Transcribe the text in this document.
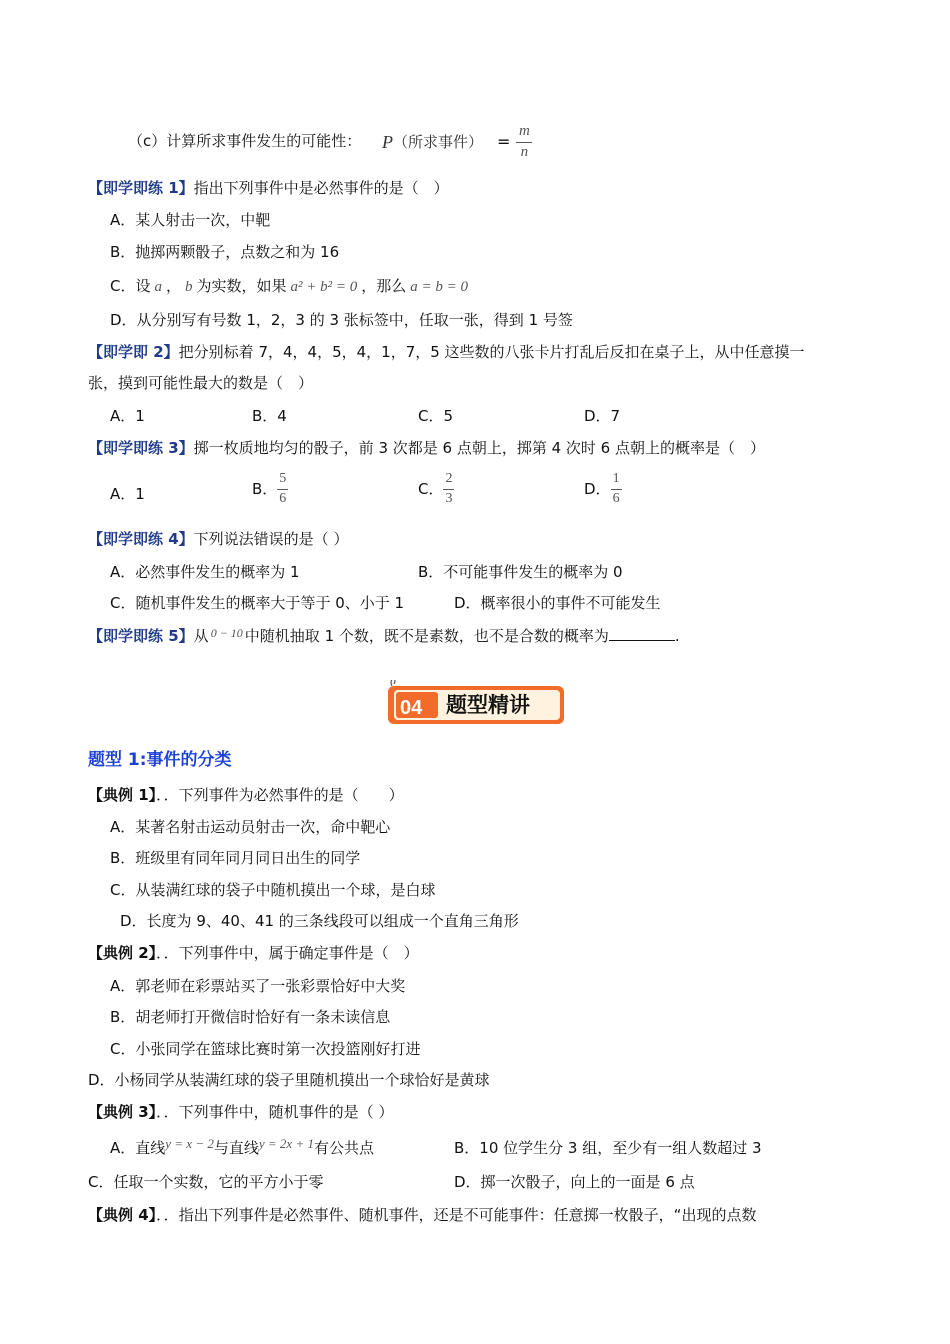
（c）计算所求事件发生的可能性： P （所求事件） = $\frac{m}{n}$
【即学即练 1】指出下列事件中是必然事件的是（　）
A．某人射击一次，中靶
B．抛掷两颗骰子，点数之和为 16
C．设 a ， b 为实数，如果 a² + b² = 0 ，那么 a = b = 0
D．从分别写有号数 1，2，3 的 3 张标签中，任取一张，得到 1 号签
【即学即 2】把分别标着 7，4，4，5，4，1，7，5 这些数的八张卡片打乱后反扣在桌子上，从中任意摸一
张，摸到可能性最大的数是（　）
A．1	B．4	C．5	D．7
【即学即练 3】掷一枚质地均匀的骰子，前 3 次都是 6 点朝上，掷第 4 次时 6 点朝上的概率是（　）
A．1	B． $\frac{5}{6}$	C． $\frac{2}{3}$	D． $\frac{1}{6}$
【即学即练 4】下列说法错误的是（ ）
A．必然事件发生的概率为 1	B．不可能事件发生的概率为 0
C．随机事件发生的概率大于等于 0、小于 1	D．概率很小的事件不可能发生
【即学即练 5】从 $^{0 - 10}$ 中随机抽取 1 个数，既不是素数，也不是合数的概率为	.
04 题型精讲
题型 1:事件的分类
【典例 1】．．下列事件为必然事件的是（　　）
A．某著名射击运动员射击一次，命中靶心
B．班级里有同年同月同日出生的同学
C．从装满红球的袋子中随机摸出一个球，是白球
D．长度为 9、40、41 的三条线段可以组成一个直角三角形
【典例 2】．．下列事件中，属于确定事件是（　）
A．郭老师在彩票站买了一张彩票恰好中大奖
B．胡老师打开微信时恰好有一条未读信息
C．小张同学在篮球比赛时第一次投篮刚好打进
D．小杨同学从装满红球的袋子里随机摸出一个球恰好是黄球
【典例 3】．．下列事件中，随机事件的是（ ）
A．直线y = x − 2与直线y = 2x + 1有公共点	B．10 位学生分 3 组，至少有一组人数超过 3
C．任取一个实数，它的平方小于零	D．掷一次骰子，向上的一面是 6 点
【典例 4】．．指出下列事件是必然事件、随机事件，还是不可能事件：任意掷一枚骰子，“出现的点数
